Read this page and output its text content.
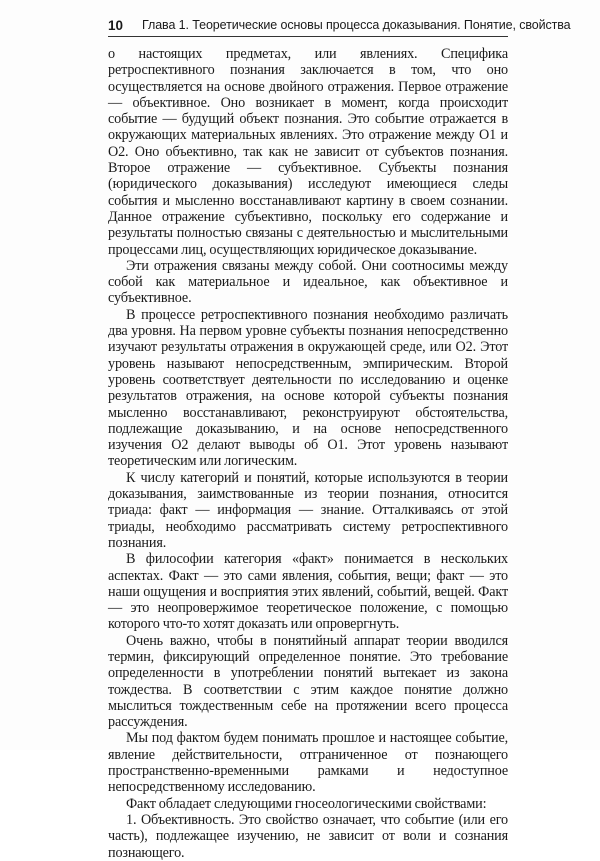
10 Глава 1. Теоретические основы процесса доказывания. Понятие, свойства

о настоящих предметах, или явлениях. Специфика ретроспективного познания заключается в том, что оно осуществляется на основе двойного отражения. Первое отражение — объективное. Оно возникает в момент, когда происходит событие — будущий объект познания. Это событие отражается в окружающих материальных явлениях. Это отражение между О1 и О2. Оно объективно, так как не зависит от субъектов познания. Второе отражение — субъективное. Субъекты познания (юридического доказывания) исследуют имеющиеся следы события и мысленно восстанавливают картину в своем сознании. Данное отражение субъективно, поскольку его содержание и результаты полностью связаны с деятельностью и мыслительными процессами лиц, осуществляющих юридическое доказывание.

Эти отражения связаны между собой. Они соотносимы между собой как материальное и идеальное, как объективное и субъективное.

В процессе ретроспективного познания необходимо различать два уровня. На первом уровне субъекты познания непосредственно изучают результаты отражения в окружающей среде, или О2. Этот уровень называют непосредственным, эмпирическим. Второй уровень соответствует деятельности по исследованию и оценке результатов отражения, на основе которой субъекты познания мысленно восстанавливают, реконструируют обстоятельства, подлежащие доказыванию, и на основе непосредственного изучения О2 делают выводы об О1. Этот уровень называют теоретическим или логическим.

К числу категорий и понятий, которые используются в теории доказывания, заимствованные из теории познания, относится триада: факт — информация — знание. Отталкиваясь от этой триады, необходимо рассматривать систему ретроспективного познания.

В философии категория «факт» понимается в нескольких аспектах. Факт — это сами явления, события, вещи; факт — это наши ощущения и восприятия этих явлений, событий, вещей. Факт — это неопровержимое теоретическое положение, с помощью которого что-то хотят доказать или опровергнуть.

Очень важно, чтобы в понятийный аппарат теории вводился термин, фиксирующий определенное понятие. Это требование определенности в употреблении понятий вытекает из закона тождества. В соответствии с этим каждое понятие должно мыслиться тождественным себе на протяжении всего процесса рассуждения.

Мы под фактом будем понимать прошлое и настоящее событие, явление действительности, отграниченное от познающего пространственно-временными рамками и недоступное непосредственному исследованию.

Факт обладает следующими гносеологическими свойствами:

1. Объективность. Это свойство означает, что событие (или его часть), подлежащее изучению, не зависит от воли и сознания познающего.
